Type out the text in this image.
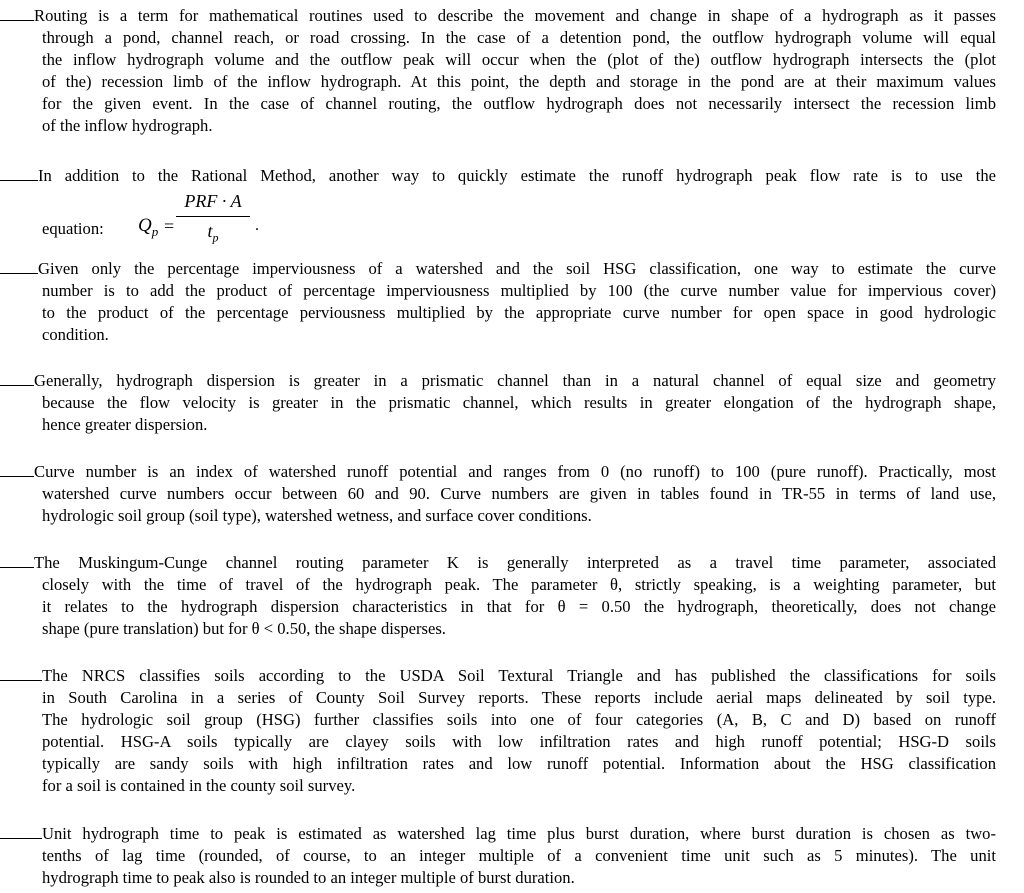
Routing is a term for mathematical routines used to describe the movement and change in shape of a hydrograph as it passes
through a pond, channel reach, or road crossing. In the case of a detention pond, the outflow hydrograph volume will equal
the inflow hydrograph volume and the outflow peak will occur when the (plot of the) outflow hydrograph intersects the (plot
of the) recession limb of the inflow hydrograph. At this point, the depth and storage in the pond are at their maximum values
for the given event. In the case of channel routing, the outflow hydrograph does not necessarily intersect the recession limb
of the inflow hydrograph.
In addition to the Rational Method, another way to quickly estimate the runoff hydrograph peak flow rate is to use the
equation: $Q_p$ =
PRF · A
$t_p$
.
Given only the percentage imperviousness of a watershed and the soil HSG classification, one way to estimate the curve
number is to add the product of percentage imperviousness multiplied by 100 (the curve number value for impervious cover)
to the product of the percentage perviousness multiplied by the appropriate curve number for open space in good hydrologic
condition.
Generally, hydrograph dispersion is greater in a prismatic channel than in a natural channel of equal size and geometry
because the flow velocity is greater in the prismatic channel, which results in greater elongation of the hydrograph shape,
hence greater dispersion.
Curve number is an index of watershed runoff potential and ranges from 0 (no runoff) to 100 (pure runoff). Practically, most
watershed curve numbers occur between 60 and 90. Curve numbers are given in tables found in TR-55 in terms of land use,
hydrologic soil group (soil type), watershed wetness, and surface cover conditions.
The Muskingum-Cunge channel routing parameter K is generally interpreted as a travel time parameter, associated
closely with the time of travel of the hydrograph peak. The parameter θ, strictly speaking, is a weighting parameter, but
it relates to the hydrograph dispersion characteristics in that for θ = 0.50 the hydrograph, theoretically, does not change
shape (pure translation) but for θ < 0.50, the shape disperses.
The NRCS classifies soils according to the USDA Soil Textural Triangle and has published the classifications for soils
in South Carolina in a series of County Soil Survey reports. These reports include aerial maps delineated by soil type.
The hydrologic soil group (HSG) further classifies soils into one of four categories (A, B, C and D) based on runoff
potential. HSG-A soils typically are clayey soils with low infiltration rates and high runoff potential; HSG-D soils
typically are sandy soils with high infiltration rates and low runoff potential. Information about the HSG classification
for a soil is contained in the county soil survey.
Unit hydrograph time to peak is estimated as watershed lag time plus burst duration, where burst duration is chosen as two-
tenths of lag time (rounded, of course, to an integer multiple of a convenient time unit such as 5 minutes). The unit
hydrograph time to peak also is rounded to an integer multiple of burst duration.
